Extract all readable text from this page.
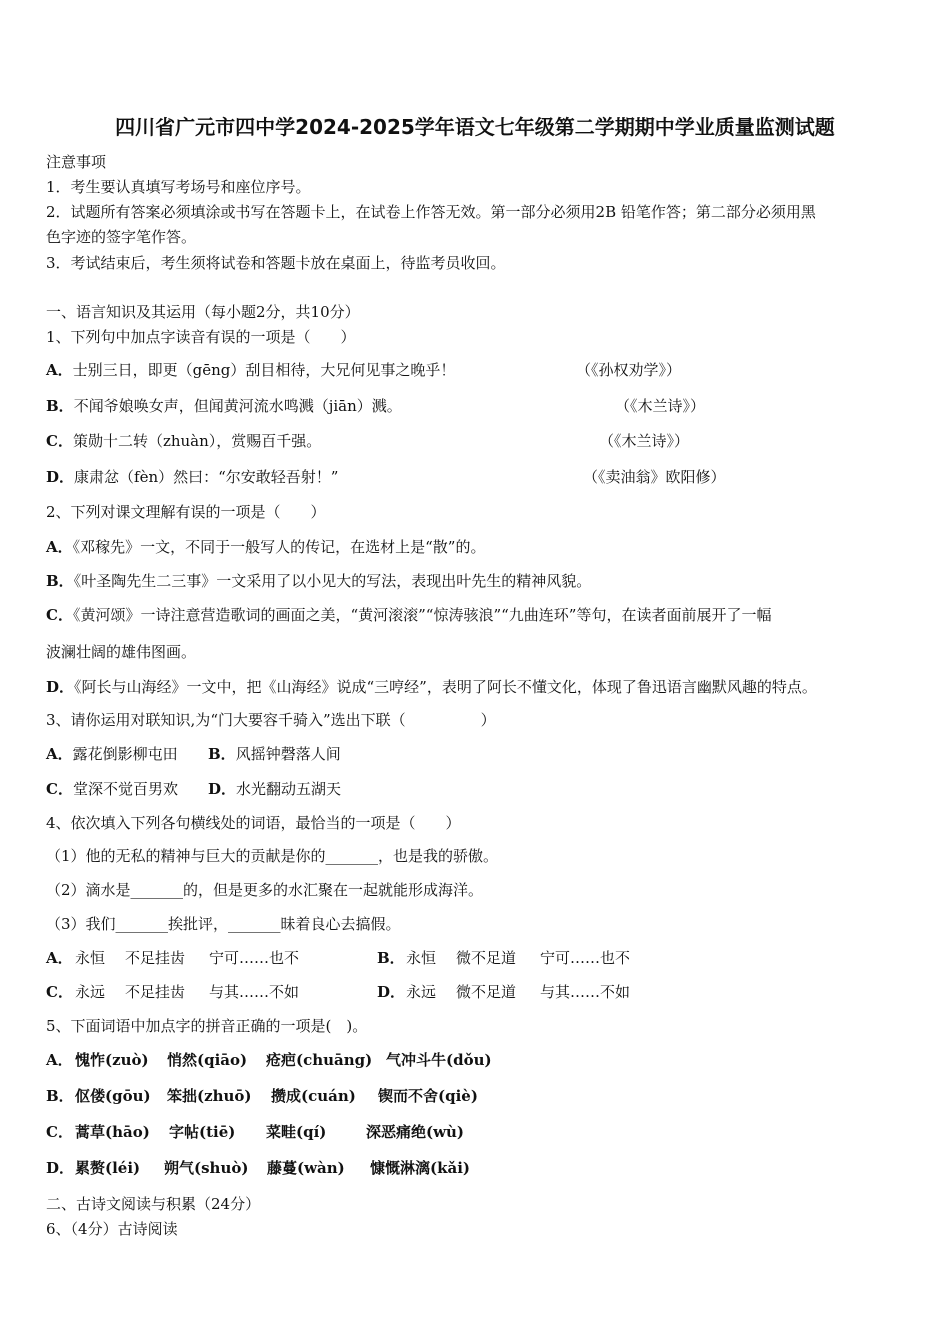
四川省广元市四中学2024-2025学年语文七年级第二学期期中学业质量监测试题
注意事项
1．考生要认真填写考场号和座位序号。
2．试题所有答案必须填涂或书写在答题卡上，在试卷上作答无效。第一部分必须用2B 铅笔作答；第二部分必须用黑
色字迹的签字笔作答。
3．考试结束后，考生须将试卷和答题卡放在桌面上，待监考员收回。
一、语言知识及其运用（每小题2分，共10分）
1、下列句中加点字读音有误的一项是（　　）
A．士别三日，即更（gēng）刮目相待，大兄何见事之晚乎！	（《孙权劝学》）
B．不闻爷娘唤女声，但闻黄河流水鸣溅（jiān）溅。	（《木兰诗》）
C．策勋十二转（zhuàn），赏赐百千强。	（《木兰诗》）
D．康肃忿（fèn）然曰：“尔安敢轻吾射！”	（《卖油翁》欧阳修）
2、下列对课文理解有误的一项是（　　）
A．《邓稼先》一文，不同于一般写人的传记，在选材上是“散”的。
B．《叶圣陶先生二三事》一文采用了以小见大的写法，表现出叶先生的精神风貌。
C．《黄河颂》一诗注意营造歌词的画面之美，“黄河滚滚”“惊涛骇浪”“九曲连环”等句，在读者面前展开了一幅
波澜壮阔的雄伟图画。
D．《阿长与山海经》一文中，把《山海经》说成“三哼经”，表明了阿长不懂文化，体现了鲁迅语言幽默风趣的特点。
3、请你运用对联知识,为“门大要容千骑入”选出下联（　　　　　）
A．露花倒影柳屯田 B．风摇钟磬落人间
C．堂深不觉百男欢 D．水光翻动五湖天
4、依次填入下列各句横线处的词语，最恰当的一项是（　　）
（1）他的无私的精神与巨大的贡献是你的_______，也是我的骄傲。
（2）滴水是_______的，但是更多的水汇聚在一起就能形成海洋。
（3）我们_______挨批评，_______昧着良心去搞假。
A． 永恒 不足挂齿 宁可……也不	B． 永恒 微不足道 宁可……也不
C． 永远 不足挂齿 与其……不如	D． 永远 微不足道 与其……不如
5、下面词语中加点字的拼音正确的一项是(　)。
A． 愧怍(zuò) 悄然(qiāo) 疮疤(chuāng) 气冲斗牛(dǒu)
B． 伛偻(gōu) 笨拙(zhuō) 攒成(cuán) 锲而不舍(qiè)
C． 蒿草(hāo) 字帖(tiē) 菜畦(qí)	深恶痛绝(wù)
D． 累赘(léi) 朔气(shuò) 藤蔓(wàn) 慷慨淋漓(kǎi)
二、古诗文阅读与积累（24分）
6、（4分）古诗阅读
